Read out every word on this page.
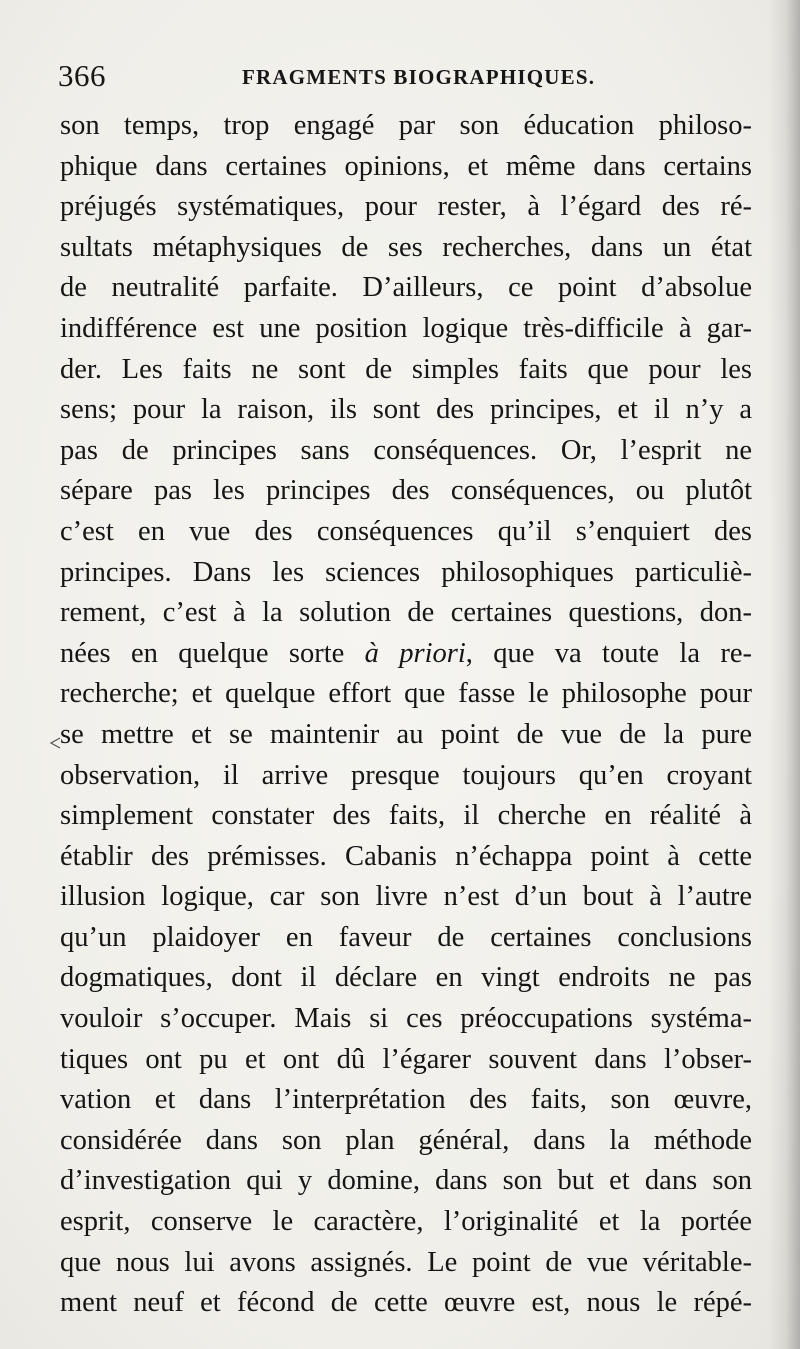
366	FRAGMENTS BIOGRAPHIQUES.
son temps, trop engagé par son éducation philoso-
phique dans certaines opinions, et même dans certains
préjugés systématiques, pour rester, à l’égard des ré-
sultats métaphysiques de ses recherches, dans un état
de neutralité parfaite. D’ailleurs, ce point d’absolue
indifférence est une position logique très-difficile à gar-
der. Les faits ne sont de simples faits que pour les
sens; pour la raison, ils sont des principes, et il n’y a
pas de principes sans conséquences. Or, l’esprit ne
sépare pas les principes des conséquences, ou plutôt
c’est en vue des conséquences qu’il s’enquiert des
principes. Dans les sciences philosophiques particuliè-
rement, c’est à la solution de certaines questions, don-
nées en quelque sorte à priori, que va toute la re-
recherche; et quelque effort que fasse le philosophe pour
se mettre et se maintenir au point de vue de la pure
observation, il arrive presque toujours qu’en croyant
simplement constater des faits, il cherche en réalité à
établir des prémisses. Cabanis n’échappa point à cette
illusion logique, car son livre n’est d’un bout à l’autre
qu’un plaidoyer en faveur de certaines conclusions
dogmatiques, dont il déclare en vingt endroits ne pas
vouloir s’occuper. Mais si ces préoccupations systéma-
tiques ont pu et ont dû l’égarer souvent dans l’obser-
vation et dans l’interprétation des faits, son œuvre,
considérée dans son plan général, dans la méthode
d’investigation qui y domine, dans son but et dans son
esprit, conserve le caractère, l’originalité et la portée
que nous lui avons assignés. Le point de vue véritable-
ment neuf et fécond de cette œuvre est, nous le répé-
